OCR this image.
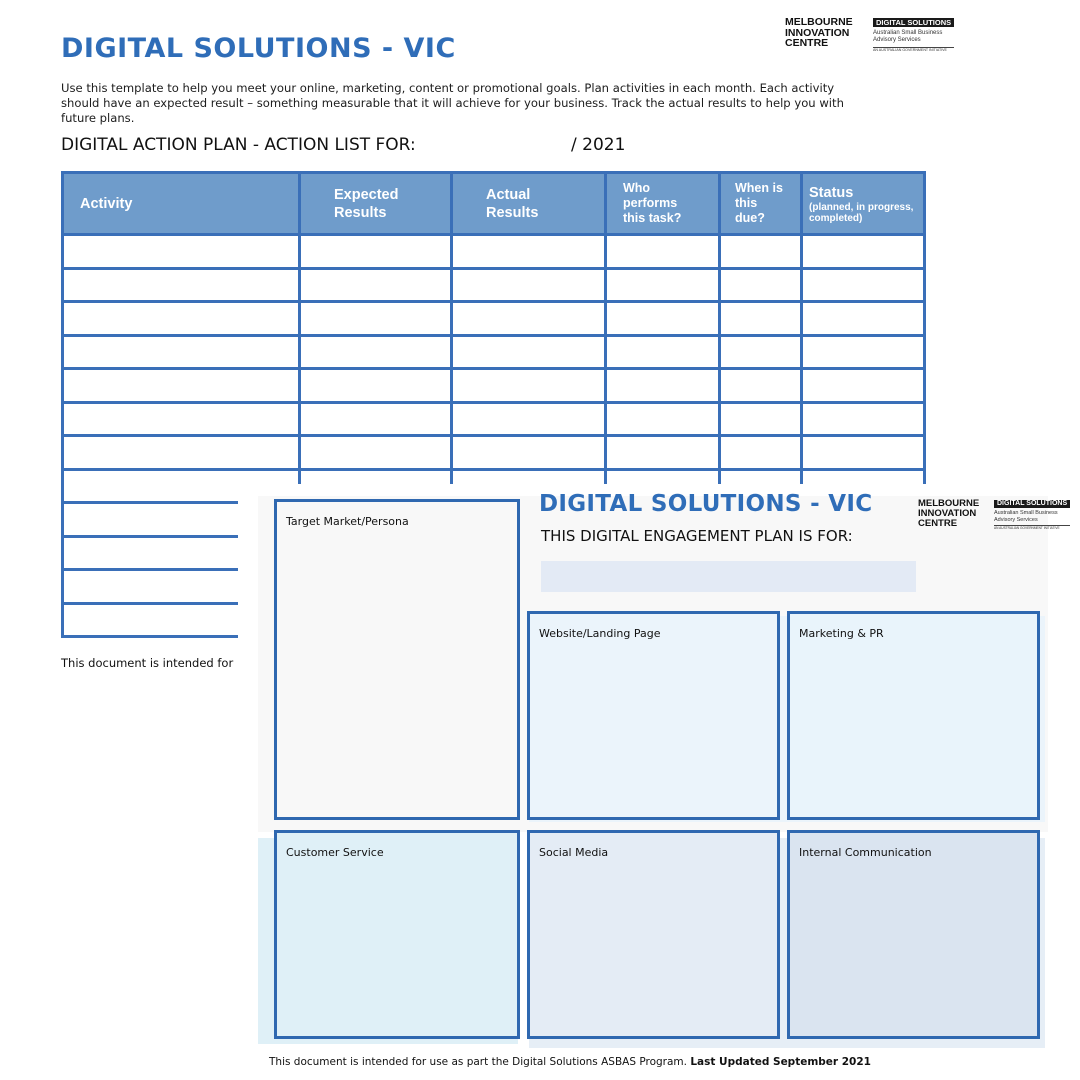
DIGITAL SOLUTIONS - VIC
MELBOURNE
INNOVATION
CENTRE
DIGITAL SOLUTIONS
Australian Small Business
Advisory Services
AN AUSTRALIAN GOVERNMENT INITIATIVE
Use this template to help you meet your online, marketing, content or promotional goals. Plan activities in each month. Each activity should have an expected result – something measurable that it will achieve for your business. Track the actual results to help you with future plans.
DIGITAL ACTION PLAN - ACTION LIST FOR:	/ 2021
Activity	Expected Results	Actual Results	Who performs this task?	When is this due?	Status
(planned, in progress, completed)

This document is intended for
Target Market/Persona
DIGITAL SOLUTIONS - VIC	MELBOURNE
INNOVATION
CENTRE
DIGITAL SOLUTIONS
Australian Small Business
Advisory Services
AN AUSTRALIAN GOVERNMENT INITIATIVE
THIS DIGITAL ENGAGEMENT PLAN IS FOR:
Website/Landing Page	Marketing & PR
Customer Service	Social Media	Internal Communication
This document is intended for use as part the Digital Solutions ASBAS Program. Last Updated September 2021
